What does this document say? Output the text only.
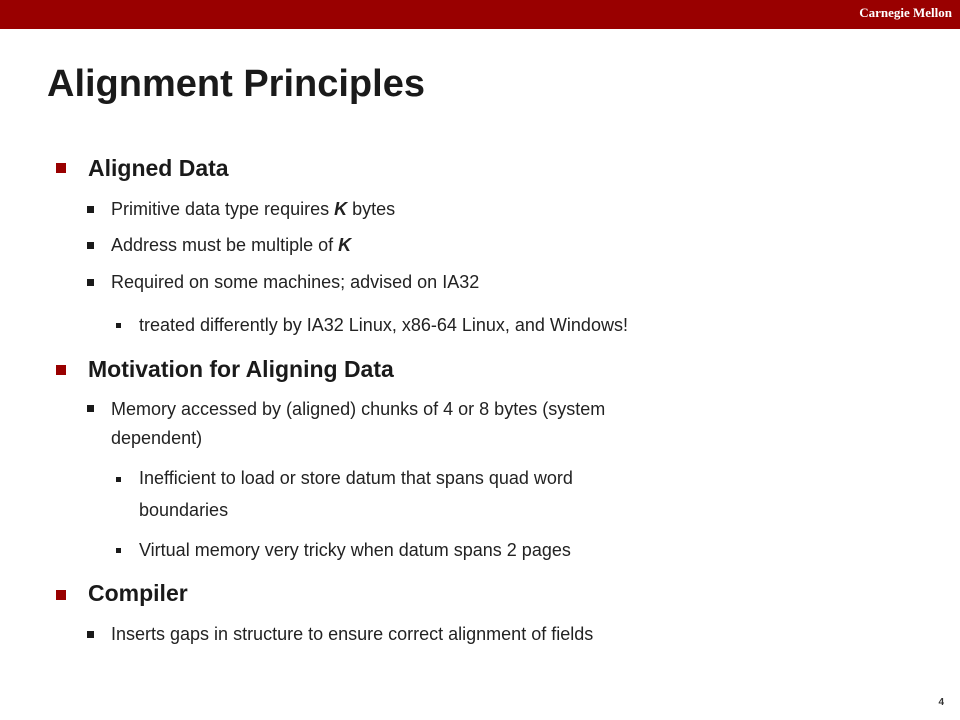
Carnegie Mellon
Alignment Principles
Aligned Data
Primitive data type requires K bytes
Address must be multiple of K
Required on some machines; advised on IA32
treated differently by IA32 Linux, x86-64 Linux, and Windows!
Motivation for Aligning Data
Memory accessed by (aligned) chunks of 4 or 8 bytes (system
dependent)
Inefficient to load or store datum that spans quad word
boundaries
Virtual memory very tricky when datum spans 2 pages
Compiler
Inserts gaps in structure to ensure correct alignment of fields
4
